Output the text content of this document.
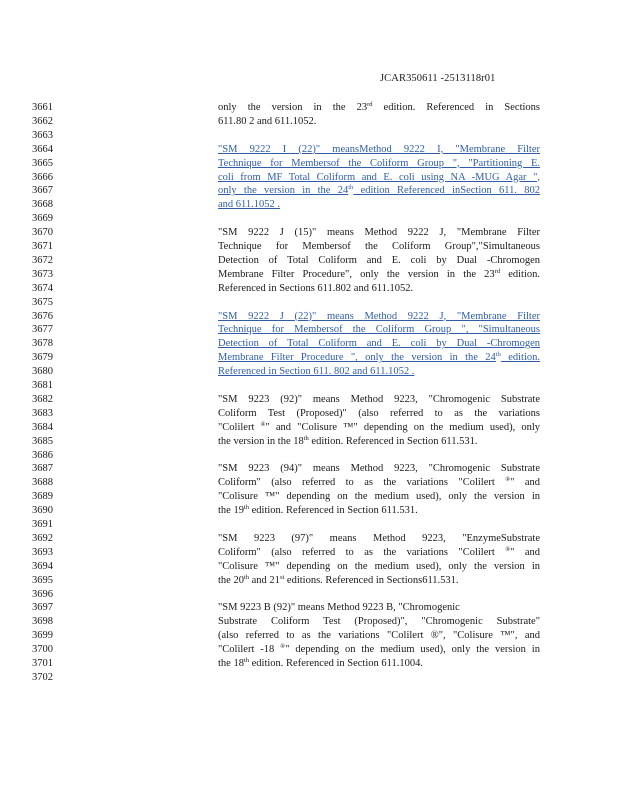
JCAR350611 -2513118r01
3661	only the version in the 23rd edition. Referenced in Sections
3662	611.80 2 and 611.1052.
3663
3664	"SM 9222 I (22)" meansMethod 9222 I, "Membrane Filter
3665	Technique for Membersof the Coliform Group ", "Partitioning E.
3666	coli from MF Total Coliform and E. coli using NA -MUG Agar ",
3667	only the version in the 24th edition Referenced inSection 611. 802
3668	and 611.1052 .
3669
3670	"SM 9222 J (15)" means Method 9222 J, "Membrane Filter
3671	Technique for Membersof the Coliform Group","Simultaneous
3672	Detection of Total Coliform and E. coli by Dual -Chromogen
3673	Membrane Filter Procedure", only the version in the 23rd edition.
3674	Referenced in Sections 611.802 and 611.1052.
3675
3676	"SM 9222 J (22)" means Method 9222 J, "Membrane Filter
3677	Technique for Membersof the Coliform Group ", "Simultaneous
3678	Detection of Total Coliform and E. coli by Dual -Chromogen
3679	Membrane Filter Procedure ", only the version in the 24th edition.
3680	Referenced in Section 611. 802 and 611.1052 .
3681
3682	"SM 9223 (92)" means Method 9223, "Chromogenic Substrate
3683	Coliform Test (Proposed)" (also referred to as the variations
3684	"Colilert ®" and "Colisure ™" depending on the medium used), only
3685	the version in the 18th edition. Referenced in Section 611.531.
3686
3687	"SM 9223 (94)" means Method 9223, "Chromogenic Substrate
3688	Coliform" (also referred to as the variations "Colilert ®" and
3689	"Colisure ™" depending on the medium used), only the version in
3690	the 19th edition. Referenced in Section 611.531.
3691
3692	"SM 9223 (97)" means Method 9223, "EnzymeSubstrate
3693	Coliform" (also referred to as the variations "Colilert ®" and
3694	"Colisure ™" depending on the medium used), only the version in
3695	the 20th and 21st editions. Referenced in Sections611.531.
3696
3697	"SM 9223 B (92)" means Method 9223 B, "Chromogenic
3698	Substrate Coliform Test (Proposed)", "Chromogenic Substrate"
3699	(also referred to as the variations "Colilert ®", "Colisure ™", and
3700	"Colilert -18 ®" depending on the medium used), only the version in
3701	the 18th edition. Referenced in Section 611.1004.
3702
